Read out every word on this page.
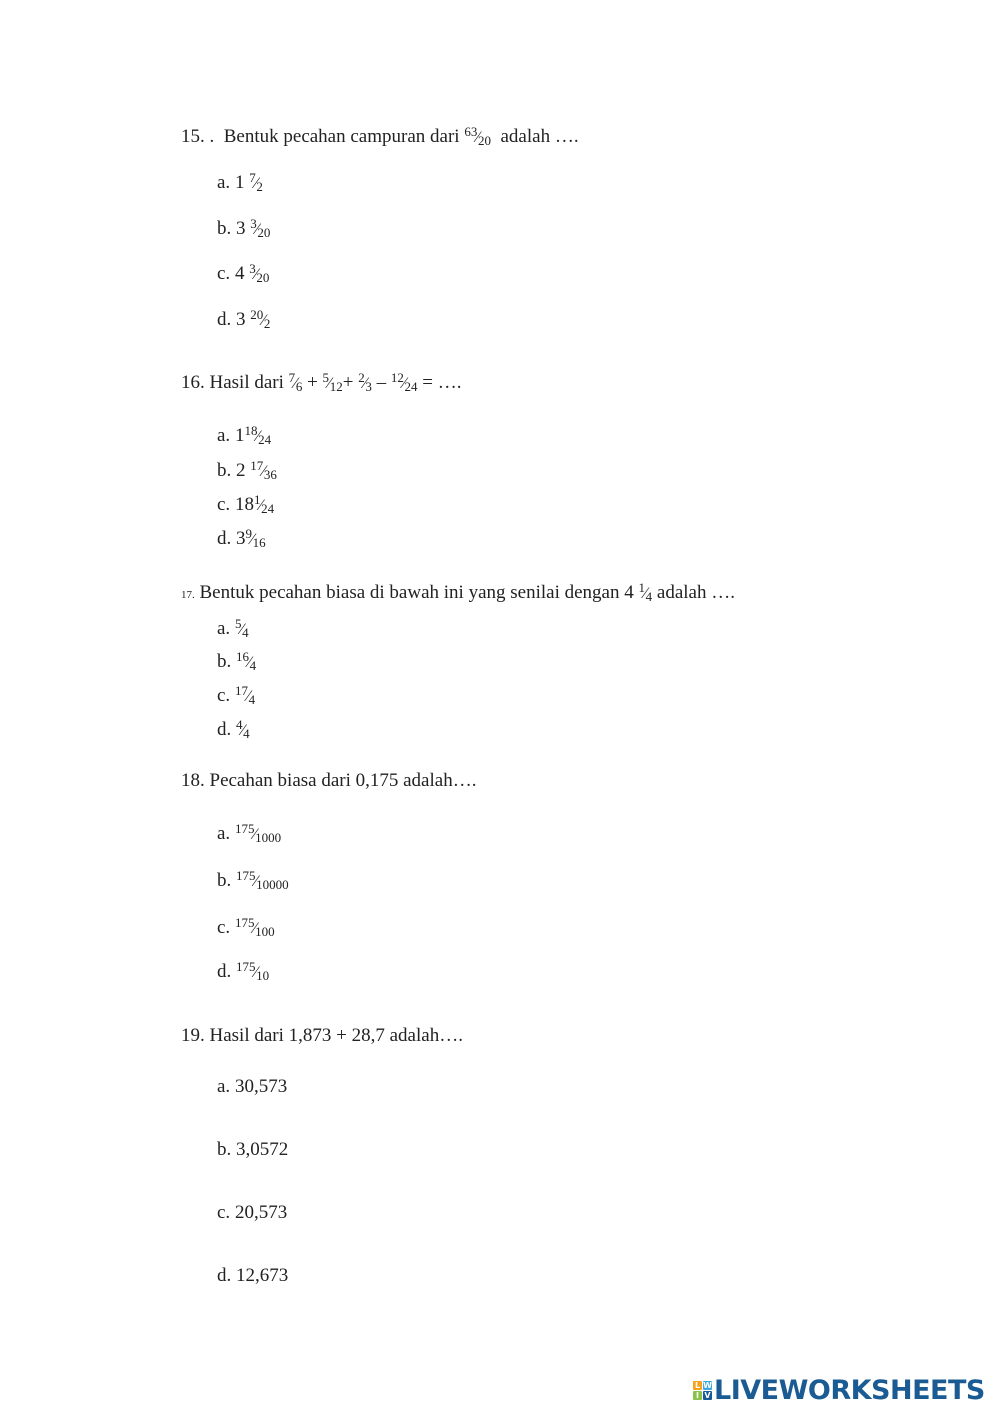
15. . Bentuk pecahan campuran dari $^{63}⁄_{20}$ adalah ….
a. 1 $^7⁄_2$
b. 3 $^3⁄_{20}$
c. 4 $^3⁄_{20}$
d. 3 $^{20}⁄_2$
16. Hasil dari $^7⁄_6$ + $^5⁄_{12}+$ $^2⁄_3$ – $^{12}⁄_{24}$ = ….
a. $1^{18}⁄_{24}$
b. 2 $^{17}⁄_{36}$
c. $18^1⁄_{24}$
d. $3^9⁄_{16}$
17. Bentuk pecahan biasa di bawah ini yang senilai dengan 4 $^1⁄_4$ adalah ….
a. $^5⁄_4$
b. $^{16}⁄_4$
c. $^{17}⁄_4$
d. $^4⁄_4$
18. Pecahan biasa dari 0,175 adalah….
a. $^{175}⁄_{1000}$
b. $^{175}⁄_{10000}$
c. $^{175}⁄_{100}$
d. $^{175}⁄_{10}$
19. Hasil dari 1,873 + 28,7 adalah….
a. 30,573
b. 3,0572
c. 20,573
d. 12,673
L W
I V LIVEWORKSHEETS
